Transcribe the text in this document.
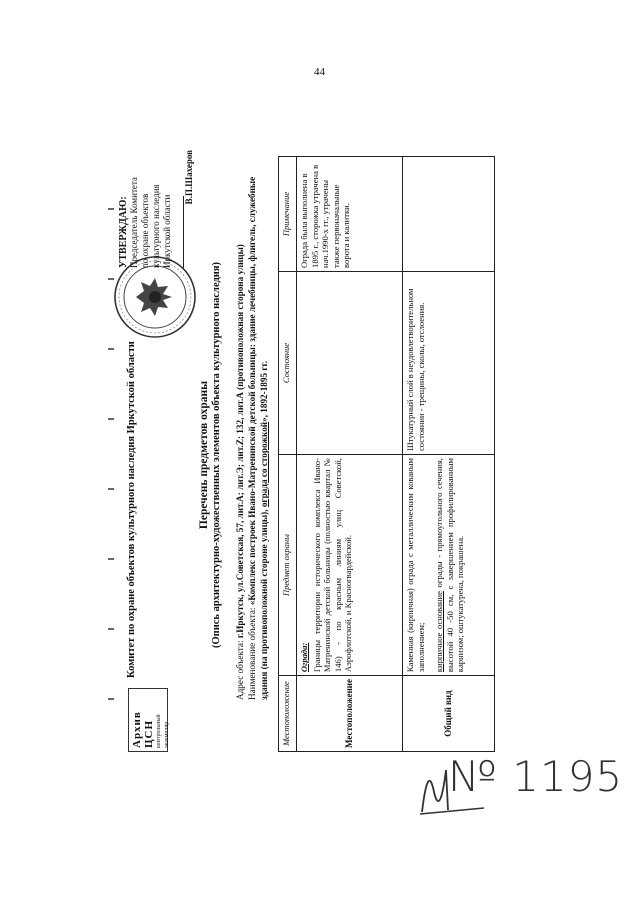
44
Архив ЦСН контрольный экземпляр
Комитет по охране объектов культурного наследия Иркутской области
УТВЕРЖДАЮ: Председатель Комитета по охране объектов культурного наследия Иркутской области
В.П.Шахеров
Перечень предметов охраны (Опись архитектурно-художественных элементов объекта культурного наследия)
Адрес объекта: г.Иркутск, ул.Советская, 57, лит.А; лит.Э; лит.Z; 132, лит.А (противоположная сторона улицы)
Наименование объекта: «Комплекс построек Ивано-Матренинской детской больницы: здание лечебницы, флигель, служебные здания (на противоположной стороне улицы), ограда со сторожкой», 1892-1895 гг.
Местоположение	Предмет охраны	Состояние	Примечание
Местоположение	Ограда: Границы территории исторического комплекса Ивано-Матренинской детской больницы (полностью квартал № 146) - по красным линиям улиц Советской, Аэрофлотской, и Красногвардейской.		Ограда была выполнена в 1895 г., сторожка утрачена в нач.1990-х гг., утрачены также первоначальные ворота и калитки.
Общий вид	Каменная (кирпичная) ограда с металлическим кованым заполнением; кирпичное основание ограды - прямоугольного сечения, высотой 40 -50 см, с завершением профилированным карнизом; оштукатурена, покрашена.	Штукатурный слой в неудовлетворительном состоянии - трещины, сколы, отслоения.	
№ 1195
